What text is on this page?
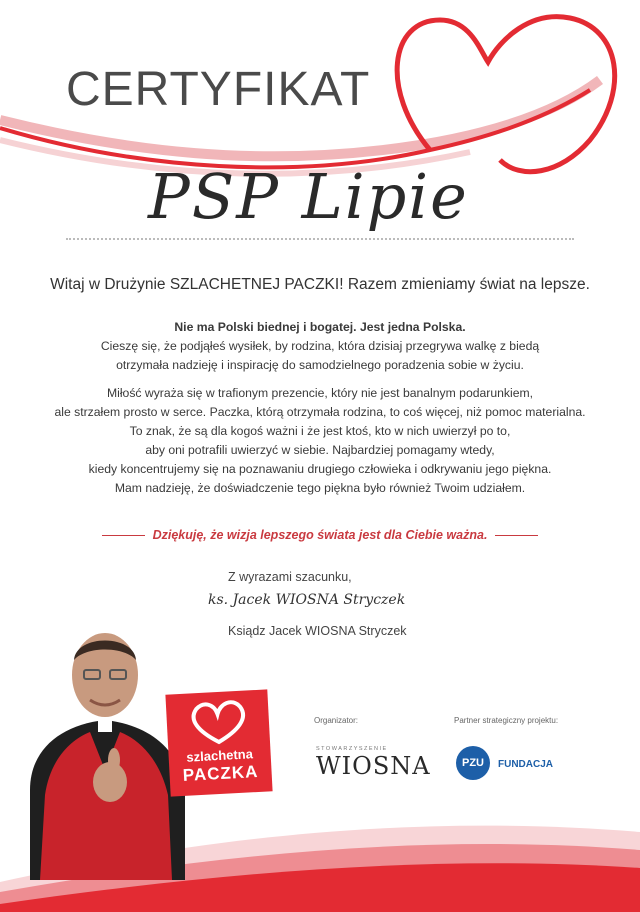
CERTYFIKAT
PSP Lipie
Witaj w Drużynie SZLACHETNEJ PACZKI! Razem zmieniamy świat na lepsze.
Nie ma Polski biednej i bogatej. Jest jedna Polska.
Cieszę się, że podjąłeś wysiłek, by rodzina, która dzisiaj przegrywa walkę z biedą
otrzymała nadzieję i inspirację do samodzielnego poradzenia sobie w życiu.
Miłość wyraża się w trafionym prezencie, który nie jest banalnym podarunkiem,
ale strzałem prosto w serce. Paczka, którą otrzymała rodzina, to coś więcej, niż pomoc materialna.
To znak, że są dla kogoś ważni i że jest ktoś, kto w nich uwierzył po to,
aby oni potrafili uwierzyć w siebie. Najbardziej pomagamy wtedy,
kiedy koncentrujemy się na poznawaniu drugiego człowieka i odkrywaniu jego piękna.
Mam nadzieję, że doświadczenie tego piękna było również Twoim udziałem.
Dziękuję, że wizja lepszego świata jest dla Ciebie ważna.
Z wyrazami szacunku,
ks. Jacek WIOSNA Stryczek
Ksiądz Jacek WIOSNA Stryczek
szlachetna
PACZKA
Organizator:	Partner strategiczny projektu:
STOWARZYSZENIE
WIOSNA	PZU	FUNDACJA
